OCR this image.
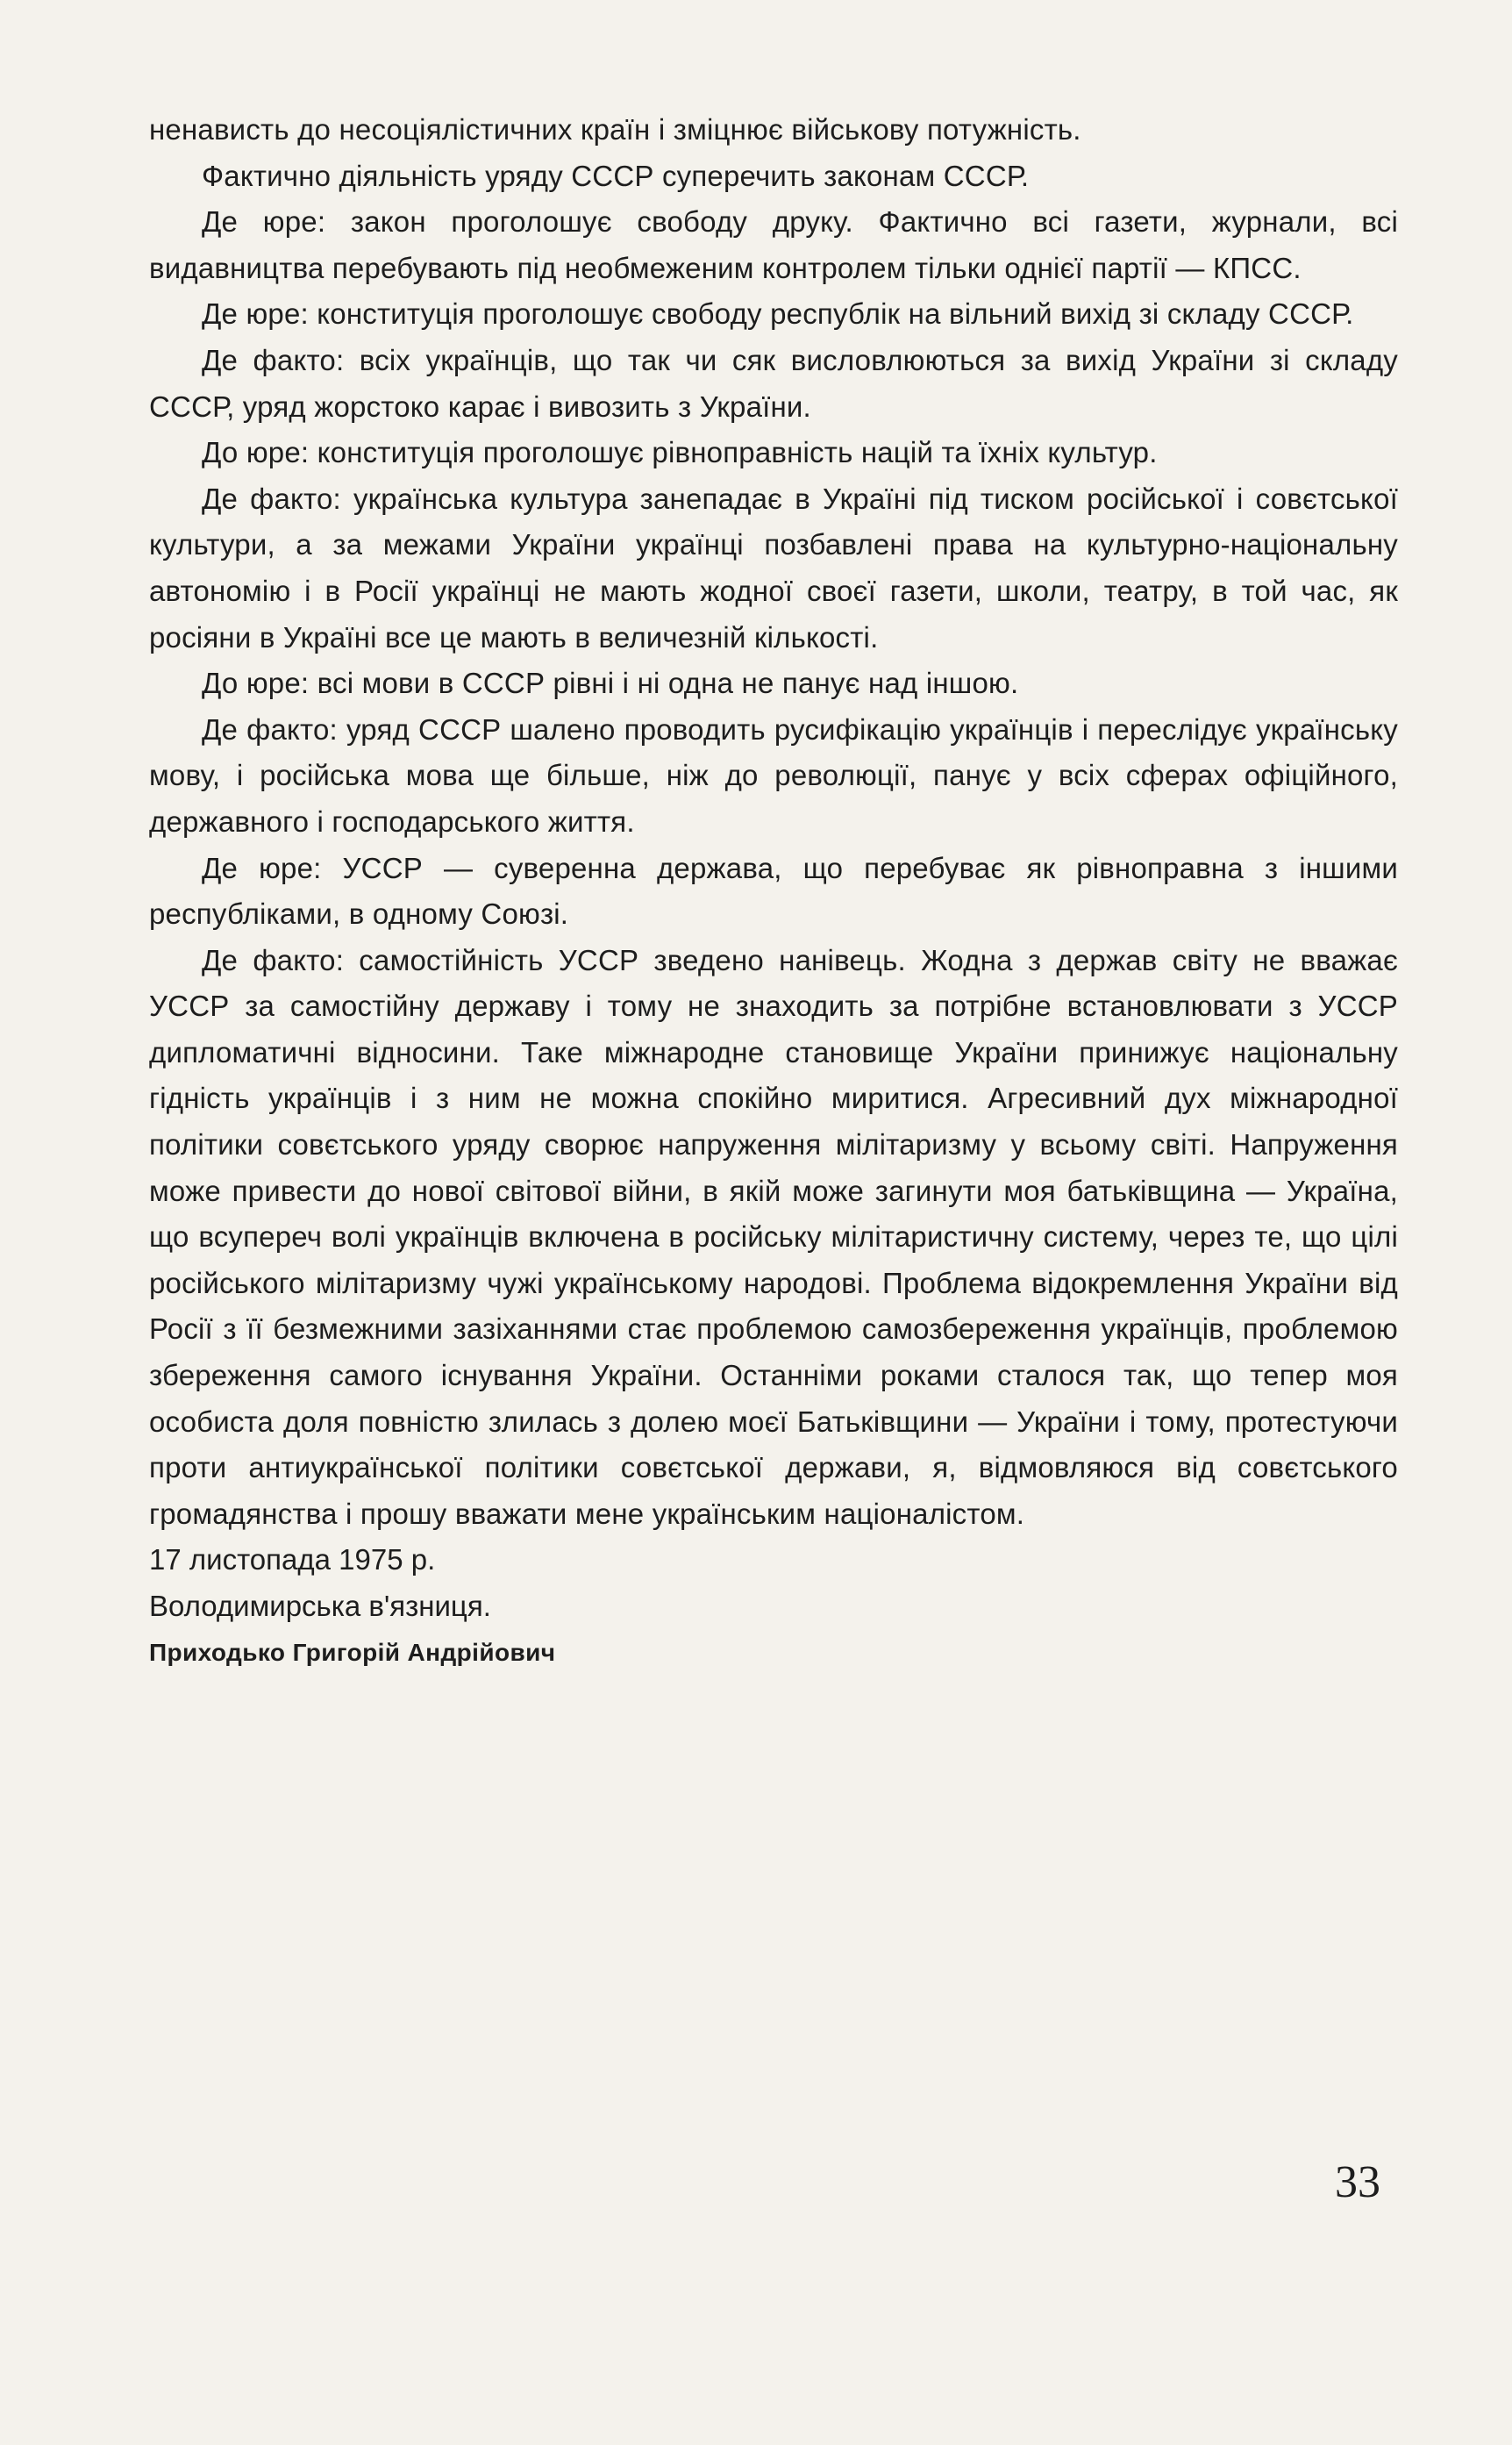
ненависть до несоціялістичних країн і зміцнює військову потужність.

Фактично діяльність уряду СССР суперечить законам СССР.

Де юре: закон проголошує свободу друку. Фактично всі газети, журнали, всі видавництва перебувають під необмеженим контролем тільки однієї партії — КПСС.

Де юре: конституція проголошує свободу республік на вільний вихід зі складу СССР.

Де факто: всіх українців, що так чи сяк висловлюються за вихід України зі складу СССР, уряд жорстоко карає і вивозить з України.

До юре: конституція проголошує рівноправність націй та їхніх культур.

Де факто: українська культура занепадає в Україні під тиском російської і совєтської культури, а за межами України українці позбавлені права на культурно-національну автономію і в Росії українці не мають жодної своєї газети, школи, театру, в той час, як росіяни в Україні все це мають в величезній кількості.

До юре: всі мови в СССР рівні і ні одна не панує над іншою.

Де факто: уряд СССР шалено проводить русифікацію українців і переслідує українську мову, і російська мова ще більше, ніж до революції, панує у всіх сферах офіційного, державного і господарського життя.

Де юре: УССР — суверенна держава, що перебуває як рівноправна з іншими республіками, в одному Союзі.

Де факто: самостійність УССР зведено нанівець. Жодна з держав світу не вважає УССР за самостійну державу і тому не знаходить за потрібне встановлювати з УССР дипломатичні відносини. Таке міжнародне становище України принижує національну гідність українців і з ним не можна спокійно миритися. Агресивний дух міжнародної політики совєтського уряду сворює напруження мілітаризму у всьому світі. Напруження може привести до нової світової війни, в якій може загинути моя батьківщина — Україна, що всупереч волі українців включена в російську мілітаристичну систему, через те, що цілі російського мілітаризму чужі українському народові. Проблема відокремлення України від Росії з її безмежними зазіханнями стає проблемою самозбереження українців, проблемою збереження самого існування України. Останніми роками сталося так, що тепер моя особиста доля повністю злилась з долею моєї Батьківщини — України і тому, протестуючи проти антиукраїнської політики совєтської держави, я, відмовляюся від совєтського громадянства і прошу вважати мене українським націоналістом.

17 листопада 1975 р.

Володимирська в'язниця.

Приходько Григорій Андрійович

33
